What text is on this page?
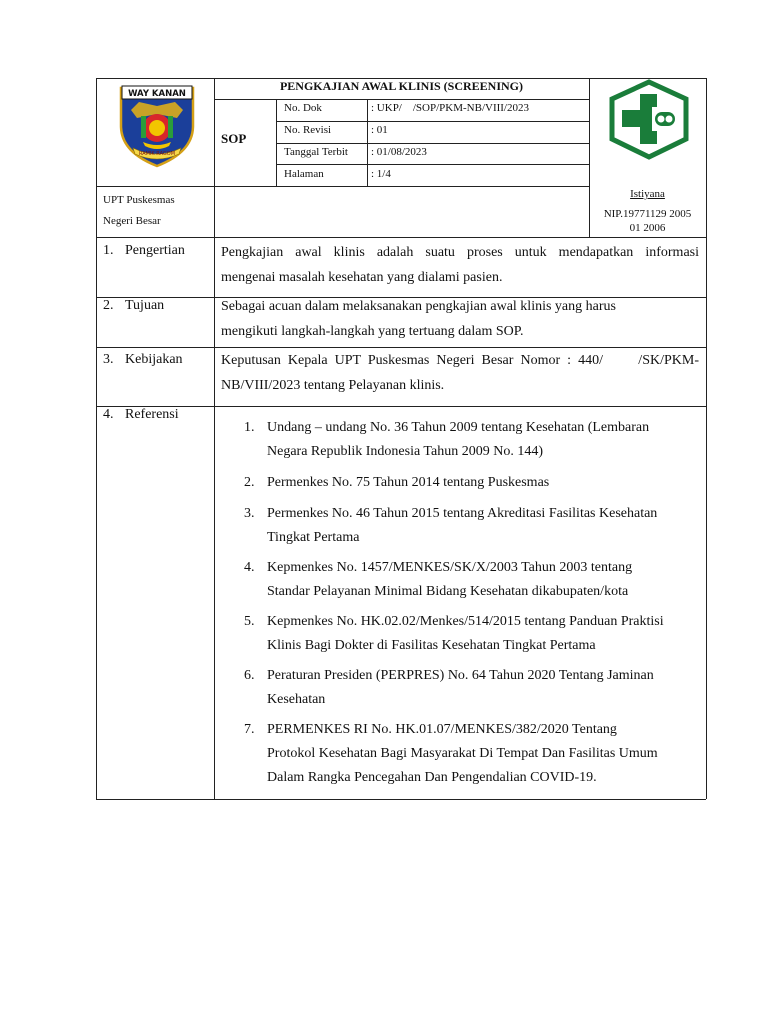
WAY KANAN
RAMIK RAGOM
PENGKAJIAN AWAL KLINIS (SCREENING)
SOP
No. Dok	: UKP/    /SOP/PKM-NB/VIII/2023
No. Revisi	: 01
Tanggal Terbit : 01/08/2023
Halaman	: 1/4
UPT Puskesmas
Negeri Besar
Istiyana
NIP.19771129 2005
01 2006
1. Pengertian	Pengkajian awal klinis adalah suatu proses untuk mendapatkan informasi
mengenai masalah kesehatan yang dialami pasien.
2. Tujuan	Sebagai acuan dalam melaksanakan pengkajian awal klinis yang harus
mengikuti langkah-langkah yang tertuang dalam SOP.
3. Kebijakan	Keputusan Kepala UPT Puskesmas Negeri Besar Nomor : 440/     /SK/PKM-
NB/VIII/2023 tentang Pelayanan klinis.
4. Referensi
1. Undang – undang No. 36 Tahun 2009 tentang Kesehatan (Lembaran
Negara Republik Indonesia Tahun 2009 No. 144)
2. Permenkes No. 75 Tahun 2014 tentang Puskesmas
3. Permenkes No. 46 Tahun 2015 tentang Akreditasi Fasilitas Kesehatan
Tingkat Pertama
4. Kepmenkes No. 1457/MENKES/SK/X/2003 Tahun 2003 tentang
Standar Pelayanan Minimal Bidang Kesehatan dikabupaten/kota
5. Kepmenkes No. HK.02.02/Menkes/514/2015 tentang Panduan Praktisi
Klinis Bagi Dokter di Fasilitas Kesehatan Tingkat Pertama
6. Peraturan Presiden (PERPRES) No. 64 Tahun 2020 Tentang Jaminan
Kesehatan
7. PERMENKES RI No. HK.01.07/MENKES/382/2020 Tentang
Protokol Kesehatan Bagi Masyarakat Di Tempat Dan Fasilitas Umum
Dalam Rangka Pencegahan Dan Pengendalian COVID-19.
